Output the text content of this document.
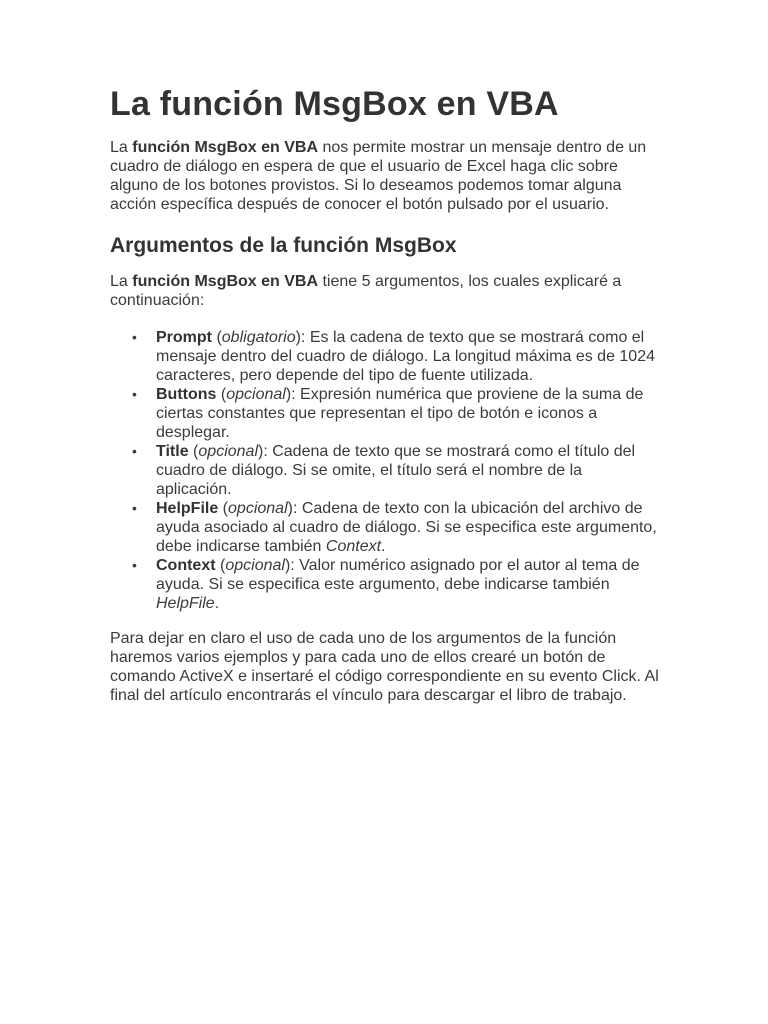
La función MsgBox en VBA

La función MsgBox en VBA nos permite mostrar un mensaje dentro de un cuadro de diálogo en espera de que el usuario de Excel haga clic sobre alguno de los botones provistos. Si lo deseamos podemos tomar alguna acción específica después de conocer el botón pulsado por el usuario.

Argumentos de la función MsgBox

La función MsgBox en VBA tiene 5 argumentos, los cuales explicaré a continuación:

• Prompt (obligatorio): Es la cadena de texto que se mostrará como el mensaje dentro del cuadro de diálogo. La longitud máxima es de 1024 caracteres, pero depende del tipo de fuente utilizada.
• Buttons (opcional): Expresión numérica que proviene de la suma de ciertas constantes que representan el tipo de botón e iconos a desplegar.
• Title (opcional): Cadena de texto que se mostrará como el título del cuadro de diálogo. Si se omite, el título será el nombre de la aplicación.
• HelpFile (opcional): Cadena de texto con la ubicación del archivo de ayuda asociado al cuadro de diálogo. Si se especifica este argumento, debe indicarse también Context.
• Context (opcional): Valor numérico asignado por el autor al tema de ayuda. Si se especifica este argumento, debe indicarse también HelpFile.

Para dejar en claro el uso de cada uno de los argumentos de la función haremos varios ejemplos y para cada uno de ellos crearé un botón de comando ActiveX e insertaré el código correspondiente en su evento Click. Al final del artículo encontrarás el vínculo para descargar el libro de trabajo.
